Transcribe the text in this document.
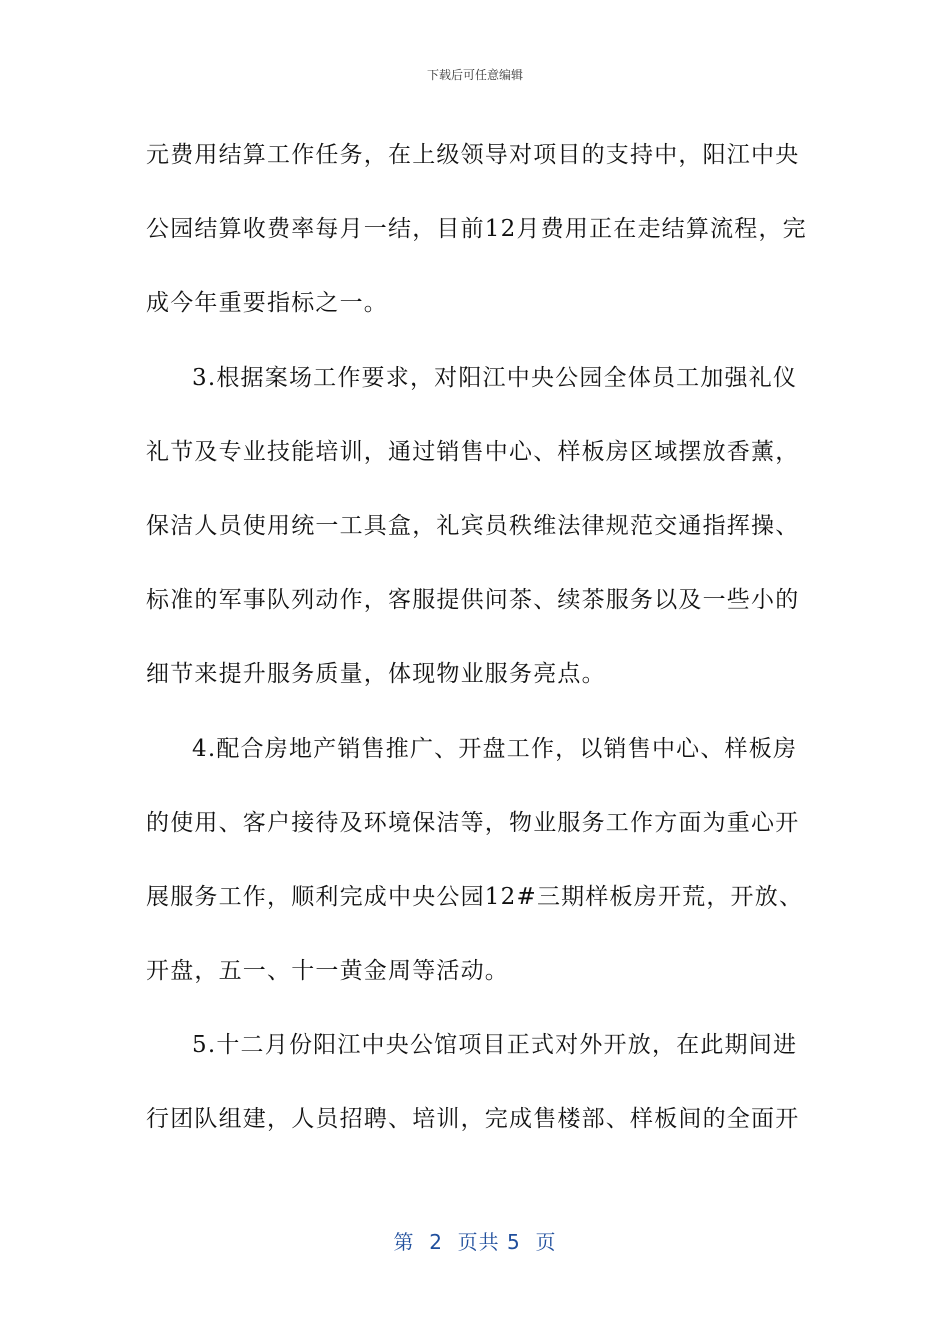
下载后可任意编辑
元费用结算工作任务，在上级领导对项目的支持中，阳江中央
公园结算收费率每月一结，目前12月费用正在走结算流程，完
成今年重要指标之一。
3.根据案场工作要求，对阳江中央公园全体员工加强礼仪
礼节及专业技能培训，通过销售中心、样板房区域摆放香薰，
保洁人员使用统一工具盒，礼宾员秩维法律规范交通指挥操、
标准的军事队列动作，客服提供问茶、续茶服务以及一些小的
细节来提升服务质量，体现物业服务亮点。
4.配合房地产销售推广、开盘工作，以销售中心、样板房
的使用、客户接待及环境保洁等，物业服务工作方面为重心开
展服务工作，顺利完成中央公园12#三期样板房开荒，开放、
开盘，五一、十一黄金周等活动。
5.十二月份阳江中央公馆项目正式对外开放，在此期间进
行团队组建，人员招聘、培训，完成售楼部、样板间的全面开
第  2  页共 5  页
